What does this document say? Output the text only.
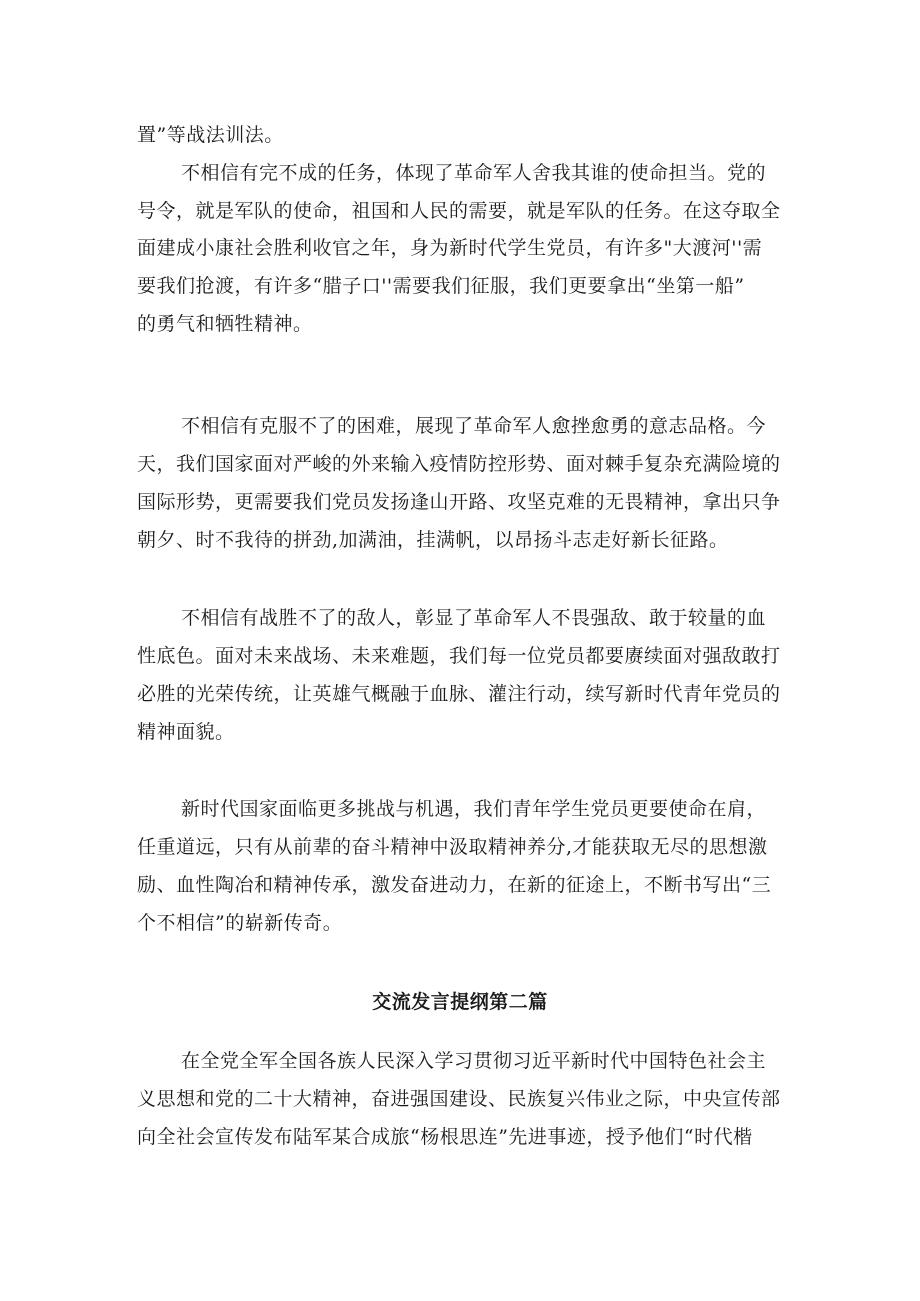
置”等战法训法。
不相信有完不成的任务，体现了革命军人舍我其谁的使命担当。党的
号令，就是军队的使命，祖国和人民的需要，就是军队的任务。在这夺取全
面建成小康社会胜利收官之年，身为新时代学生党员，有许多"大渡河''需
要我们抢渡，有许多“腊子口''需要我们征服，我们更要拿出“坐第一船”
的勇气和牺牲精神。
不相信有克服不了的困难，展现了革命军人愈挫愈勇的意志品格。今
天，我们国家面对严峻的外来输入疫情防控形势、面对棘手复杂充满险境的
国际形势，更需要我们党员发扬逢山开路、攻坚克难的无畏精神，拿出只争
朝夕、时不我待的拼劲,加满油，挂满帆，以昂扬斗志走好新长征路。
不相信有战胜不了的敌人，彰显了革命军人不畏强敌、敢于较量的血
性底色。面对未来战场、未来难题，我们每一位党员都要赓续面对强敌敢打
必胜的光荣传统，让英雄气概融于血脉、灌注行动，续写新时代青年党员的
精神面貌。
新时代国家面临更多挑战与机遇，我们青年学生党员更要使命在肩，
任重道远，只有从前辈的奋斗精神中汲取精神养分,才能获取无尽的思想激
励、血性陶冶和精神传承，激发奋进动力，在新的征途上，不断书写出“三
个不相信”的崭新传奇。
交流发言提纲第二篇
在全党全军全国各族人民深入学习贯彻习近平新时代中国特色社会主
义思想和党的二十大精神，奋进强国建设、民族复兴伟业之际，中央宣传部
向全社会宣传发布陆军某合成旅“杨根思连”先进事迹，授予他们“时代楷
